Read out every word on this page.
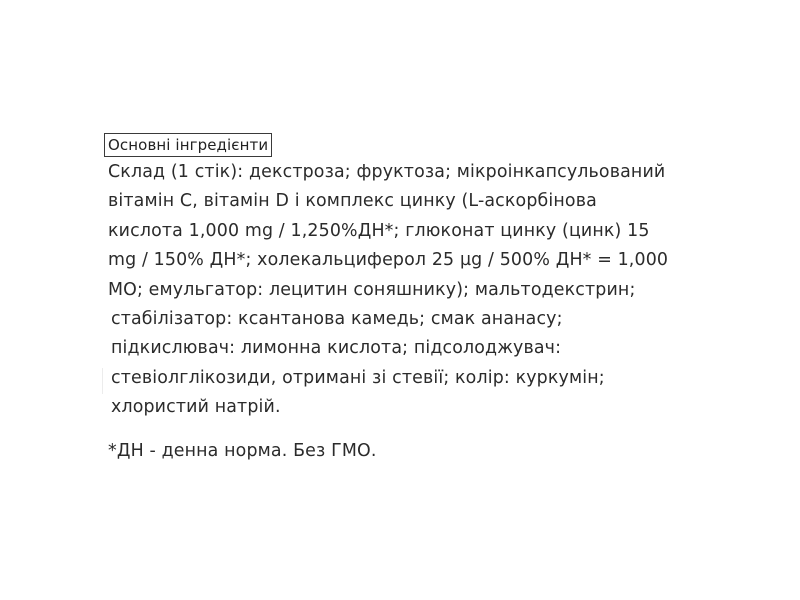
Основні інгредієнти
Склад (1 стік): декстроза; фруктоза; мікроінкапсульований
вітамін С, вітамін D і комплекс цинку (L-аскорбінова
кислота 1,000 mg / 1,250%ДН*; глюконат цинку (цинк) 15
mg / 150% ДН*; холекальциферол 25 µg / 500% ДН* = 1,000
МО; емульгатор: лецитин соняшнику); мальтодекстрин;
стабілізатор: ксантанова камедь; смак ананасу;
підкислювач: лимонна кислота; підсолоджувач:
стевіолглікозиди, отримані зі стевії; колір: куркумін;
хлористий натрій.
*ДН - денна норма. Без ГМО.
